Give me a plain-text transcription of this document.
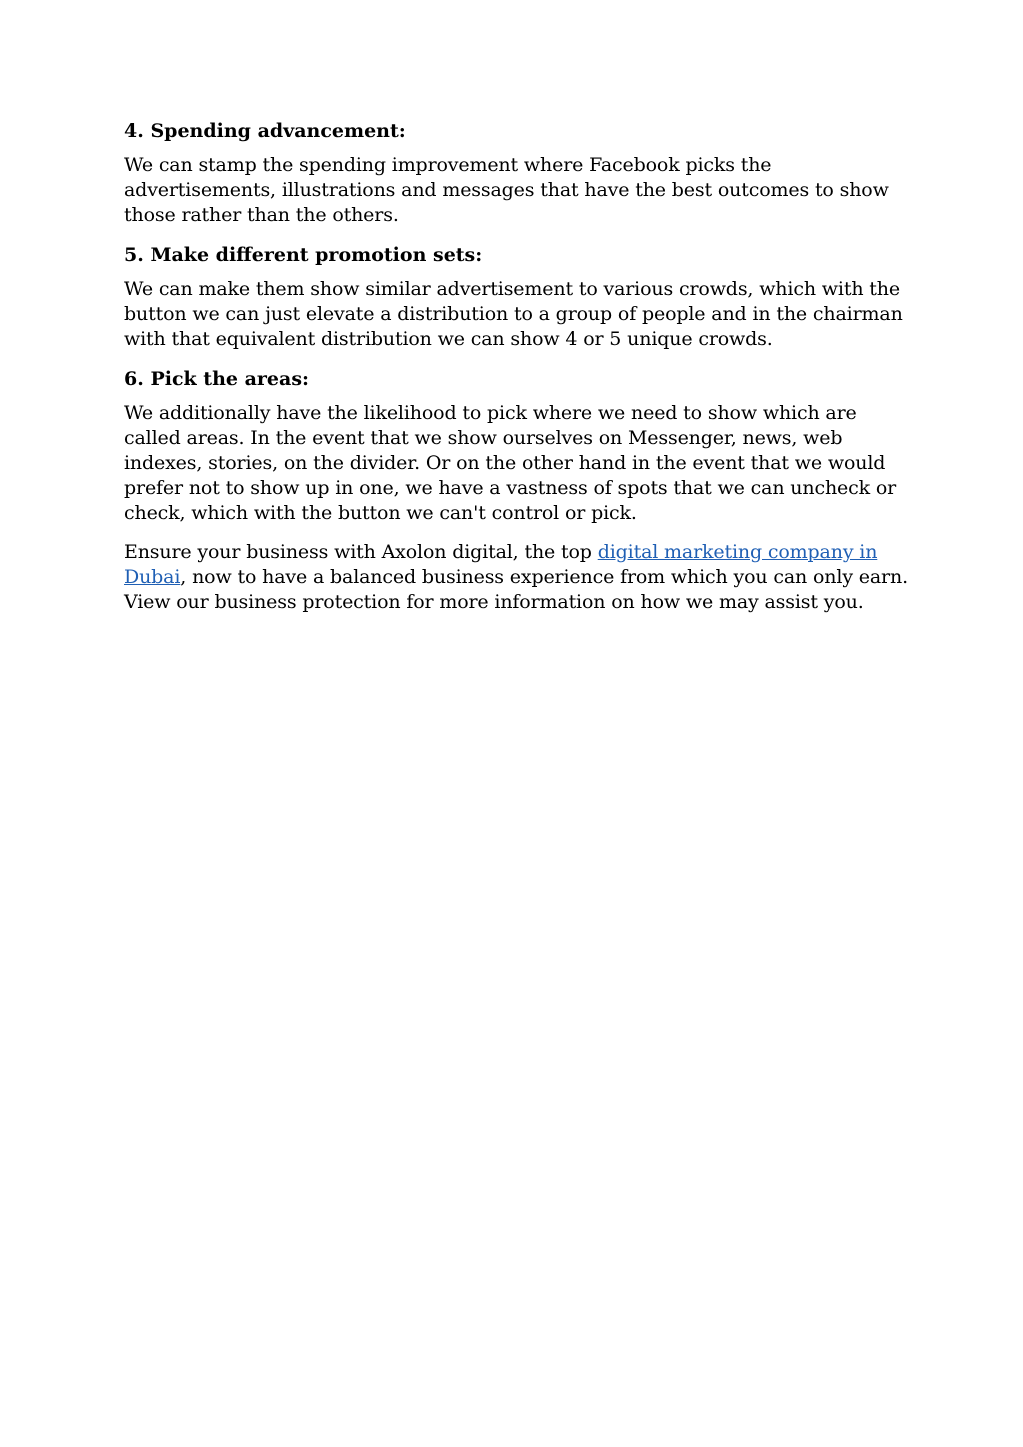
4. Spending advancement:

We can stamp the spending improvement where Facebook picks the advertisements, illustrations and messages that have the best outcomes to show those rather than the others.

5. Make different promotion sets:

We can make them show similar advertisement to various crowds, which with the button we can just elevate a distribution to a group of people and in the chairman with that equivalent distribution we can show 4 or 5 unique crowds.

6. Pick the areas:

We additionally have the likelihood to pick where we need to show which are called areas. In the event that we show ourselves on Messenger, news, web indexes, stories, on the divider. Or on the other hand in the event that we would prefer not to show up in one, we have a vastness of spots that we can uncheck or check, which with the button we can't control or pick.

Ensure your business with Axolon digital, the top digital marketing company in Dubai, now to have a balanced business experience from which you can only earn. View our business protection for more information on how we may assist you.
